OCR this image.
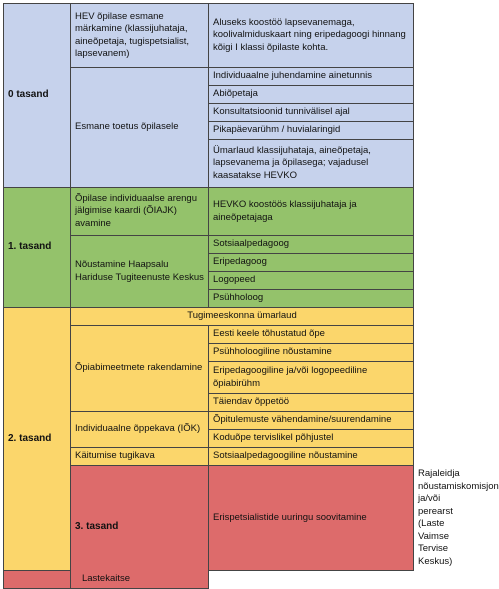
0 tasand	HEV õpilase esmane märkamine (klassijuhataja, aineõpetaja, tugispetsialist, lapsevanem)	Aluseks koostöö lapsevanemaga, koolivalmiduskaart ning eripedagoogi hinnang kõigi I klassi õpilaste kohta.	
	Esmane toetus õpilasele	Individuaalne juhendamine ainetunnis	
		Abiõpetaja	
		Konsultatsioonid tunnivälisel ajal	
		Pikapäevarühm / huvialaringid	
		Ümarlaud klassijuhataja, aineõpetaja, lapsevanema ja õpilasega; vajadusel kaasatakse HEVKO	
1. tasand	Õpilase individuaalse arengu jälgimise kaardi (ÕIAJK) avamine	HEVKO koostöös klassijuhataja ja aineõpetajaga	
	Nõustamine Haapsalu Hariduse Tugiteenuste Keskus	Sotsiaalpedagoog	
		Eripedagoog	
		Logopeed	
		Psühholoog	
2. tasand	Tugimeeskonna ümarlaud		
	Õpiabimeetmete rakendamine	Eesti keele tõhustatud õpe	
		Psühholoogiline nõustamine	
		Eripedagoogiline ja/või logopeediline õpiabirühm	
		Täiendav õppetöö	
	Individuaalne õppekava (IÕK)	Õpitulemuste vähendamine/suurendamine	
		Koduõpe tervislikel põhjustel	
	Käitumise tugikava	Sotsiaalpedagoogiline nõustamine	
	3. tasand	Erispetsialistide uuringu soovitamine	Rajaleidja nõustamiskomisjon ja/või perearst (Laste Vaimse Tervise Keskus)
Lastekaitse			
